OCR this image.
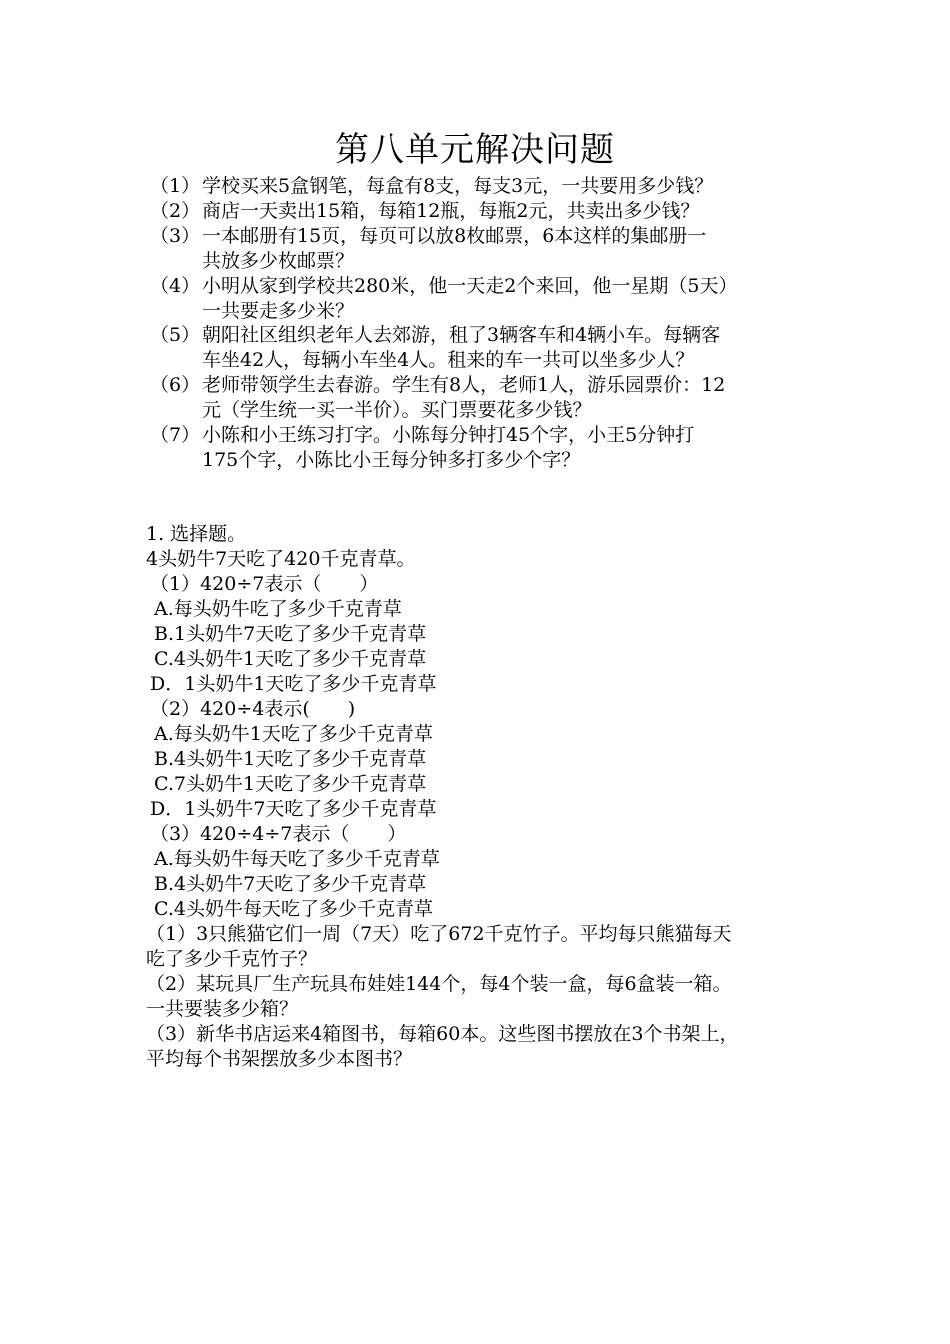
第八单元解决问题
（1） 学校买来5盒钢笔，每盒有8支，每支3元，一共要用多少钱？
（2） 商店一天卖出15箱，每箱12瓶，每瓶2元，共卖出多少钱？
（3） 一本邮册有15页，每页可以放8枚邮票，6本这样的集邮册一
共放多少枚邮票？
（4） 小明从家到学校共280米，他一天走2个来回，他一星期（5天）
一共要走多少米？
（5） 朝阳社区组织老年人去郊游，租了3辆客车和4辆小车。每辆客
车坐42人，每辆小车坐4人。租来的车一共可以坐多少人？
（6） 老师带领学生去春游。学生有8人，老师1人，游乐园票价：12
元（学生统一买一半价）。买门票要花多少钱？
（7） 小陈和小王练习打字。小陈每分钟打45个字，小王5分钟打
175个字，小陈比小王每分钟多打多少个字？
1. 选择题。
4头奶牛7天吃了420千克青草。
（1）420÷7表示（　　）
A.每头奶牛吃了多少千克青草
B.1头奶牛7天吃了多少千克青草
C.4头奶牛1天吃了多少千克青草
D．1头奶牛1天吃了多少千克青草
（2）420÷4表示(　　)
A.每头奶牛1天吃了多少千克青草
B.4头奶牛1天吃了多少千克青草
C.7头奶牛1天吃了多少千克青草
D．1头奶牛7天吃了多少千克青草
（3）420÷4÷7表示（　　）
A.每头奶牛每天吃了多少千克青草
B.4头奶牛7天吃了多少千克青草
C.4头奶牛每天吃了多少千克青草
（1）3只熊猫它们一周（7天）吃了672千克竹子。平均每只熊猫每天
吃了多少千克竹子？
（2）某玩具厂生产玩具布娃娃144个，每4个装一盒，每6盒装一箱。
一共要装多少箱？
（3）新华书店运来4箱图书，每箱60本。这些图书摆放在3个书架上，
平均每个书架摆放多少本图书？
